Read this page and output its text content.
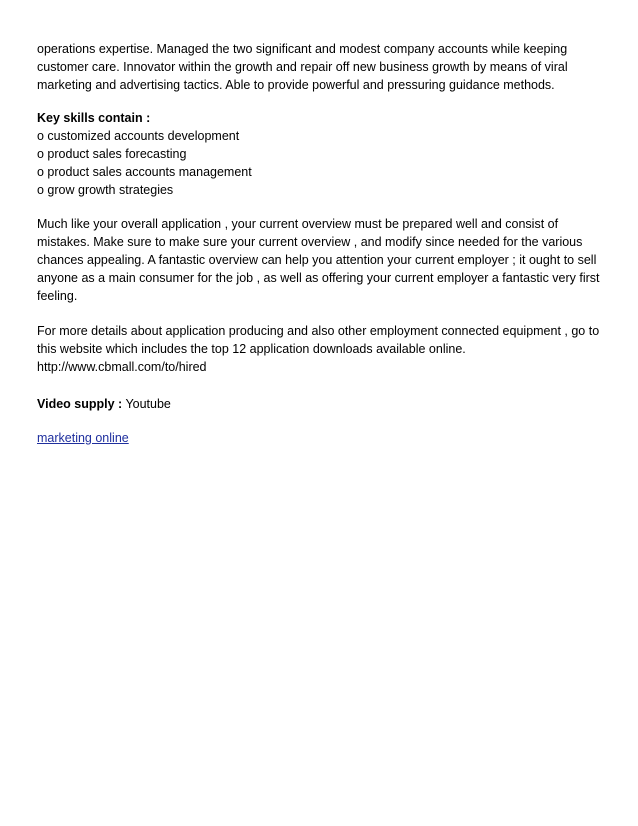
operations expertise. Managed the two significant and modest company accounts while keeping customer care. Innovator within the growth and repair off new business growth by means of viral marketing and advertising tactics. Able to provide powerful and pressuring guidance methods.

Key skills contain :

o customized accounts development
o product sales forecasting
o product sales accounts management
o grow growth strategies

Much like your overall application , your current overview must be prepared well and consist of mistakes. Make sure to make sure your current overview , and modify since needed for the various chances appealing. A fantastic overview can help you attention your current employer ; it ought to sell anyone as a main consumer for the job , as well as offering your current employer a fantastic very first feeling.

For more details about application producing and also other employment connected equipment , go to this website which includes the top 12 application downloads available online.

http://www.cbmall.com/to/hired

Video supply : Youtube

marketing online
